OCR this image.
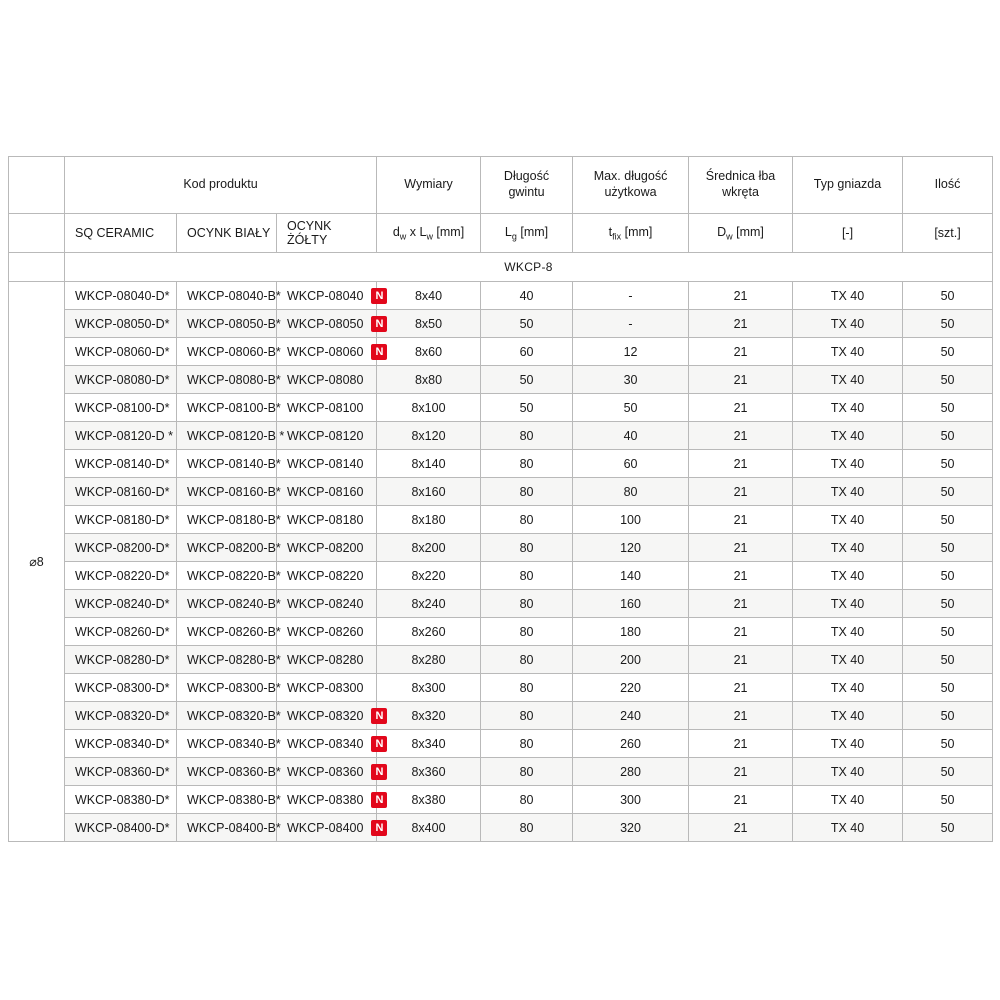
	Kod produktu			Wymiary	Długość gwintu	Max. długość użytkowa	Średnica łba wkręta	Typ gniazda	Ilość
	SQ CERAMIC	OCYNK BIAŁY	OCYNK ŻÓŁTY	$d_w$ x $L_w$ [mm]	$L_g$ [mm]	$t_{fix}$ [mm]	$D_w$ [mm]	[-]	[szt.]
	WKCP-8								
⌀8	WKCP-08040-D*	WKCP-08040-B*	WKCP-08040 N	8x40	40	-	21	TX 40	50
	WKCP-08050-D*	WKCP-08050-B*	WKCP-08050 N	8x50	50	-	21	TX 40	50
	WKCP-08060-D*	WKCP-08060-B*	WKCP-08060 N	8x60	60	12	21	TX 40	50
	WKCP-08080-D*	WKCP-08080-B*	WKCP-08080	8x80	50	30	21	TX 40	50
	WKCP-08100-D*	WKCP-08100-B*	WKCP-08100	8x100	50	50	21	TX 40	50
	WKCP-08120-D *	WKCP-08120-B *	WKCP-08120	8x120	80	40	21	TX 40	50
	WKCP-08140-D*	WKCP-08140-B*	WKCP-08140	8x140	80	60	21	TX 40	50
	WKCP-08160-D*	WKCP-08160-B*	WKCP-08160	8x160	80	80	21	TX 40	50
	WKCP-08180-D*	WKCP-08180-B*	WKCP-08180	8x180	80	100	21	TX 40	50
	WKCP-08200-D*	WKCP-08200-B*	WKCP-08200	8x200	80	120	21	TX 40	50
	WKCP-08220-D*	WKCP-08220-B*	WKCP-08220	8x220	80	140	21	TX 40	50
	WKCP-08240-D*	WKCP-08240-B*	WKCP-08240	8x240	80	160	21	TX 40	50
	WKCP-08260-D*	WKCP-08260-B*	WKCP-08260	8x260	80	180	21	TX 40	50
	WKCP-08280-D*	WKCP-08280-B*	WKCP-08280	8x280	80	200	21	TX 40	50
	WKCP-08300-D*	WKCP-08300-B*	WKCP-08300	8x300	80	220	21	TX 40	50
	WKCP-08320-D*	WKCP-08320-B*	WKCP-08320 N	8x320	80	240	21	TX 40	50
	WKCP-08340-D*	WKCP-08340-B*	WKCP-08340 N	8x340	80	260	21	TX 40	50
	WKCP-08360-D*	WKCP-08360-B*	WKCP-08360 N	8x360	80	280	21	TX 40	50
	WKCP-08380-D*	WKCP-08380-B*	WKCP-08380 N	8x380	80	300	21	TX 40	50
	WKCP-08400-D*	WKCP-08400-B*	WKCP-08400 N	8x400	80	320	21	TX 40	50
